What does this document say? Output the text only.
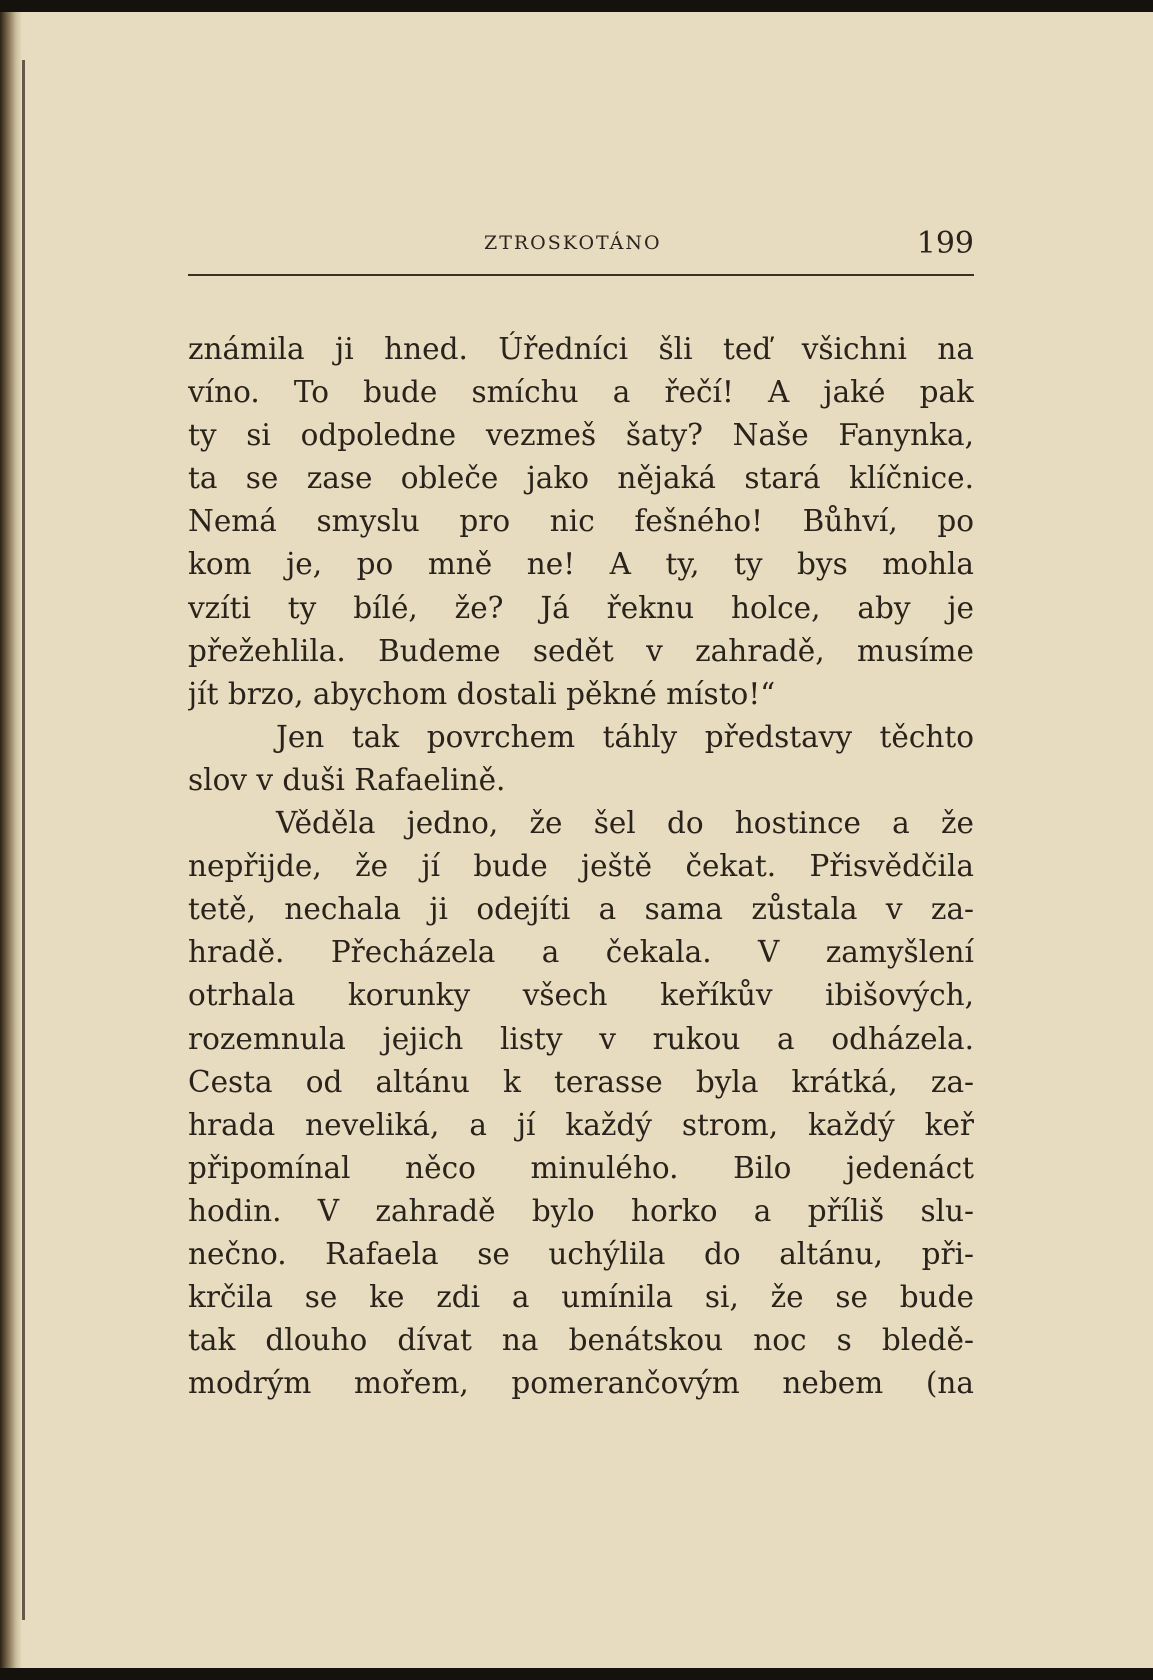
ZTROSKOTÁNO	199
známila ji hned. Úředníci šli teď všichni na
víno. To bude smíchu a řečí! A jaké pak
ty si odpoledne vezmeš šaty? Naše Fanynka,
ta se zase obleče jako nějaká stará klíčnice.
Nemá smyslu pro nic fešného! Bůhví, po
kom je, po mně ne! A ty, ty bys mohla
vzíti ty bílé, že? Já řeknu holce, aby je
přežehlila. Budeme sedět v zahradě, musíme
jít brzo, abychom dostali pěkné místo!“
Jen tak povrchem táhly představy těchto
slov v duši Rafaelině.
Věděla jedno, že šel do hostince a že
nepřijde, že jí bude ještě čekat. Přisvědčila
tetě, nechala ji odejíti a sama zůstala v za-
hradě. Přecházela a čekala. V zamyšlení
otrhala korunky všech keříkův ibišových,
rozemnula jejich listy v rukou a odházela.
Cesta od altánu k terasse byla krátká, za-
hrada neveliká, a jí každý strom, každý keř
připomínal něco minulého. Bilo jedenáct
hodin. V zahradě bylo horko a příliš slu-
nečno. Rafaela se uchýlila do altánu, při-
krčila se ke zdi a umínila si, že se bude
tak dlouho dívat na benátskou noc s bledě-
modrým mořem, pomerančovým nebem (na
